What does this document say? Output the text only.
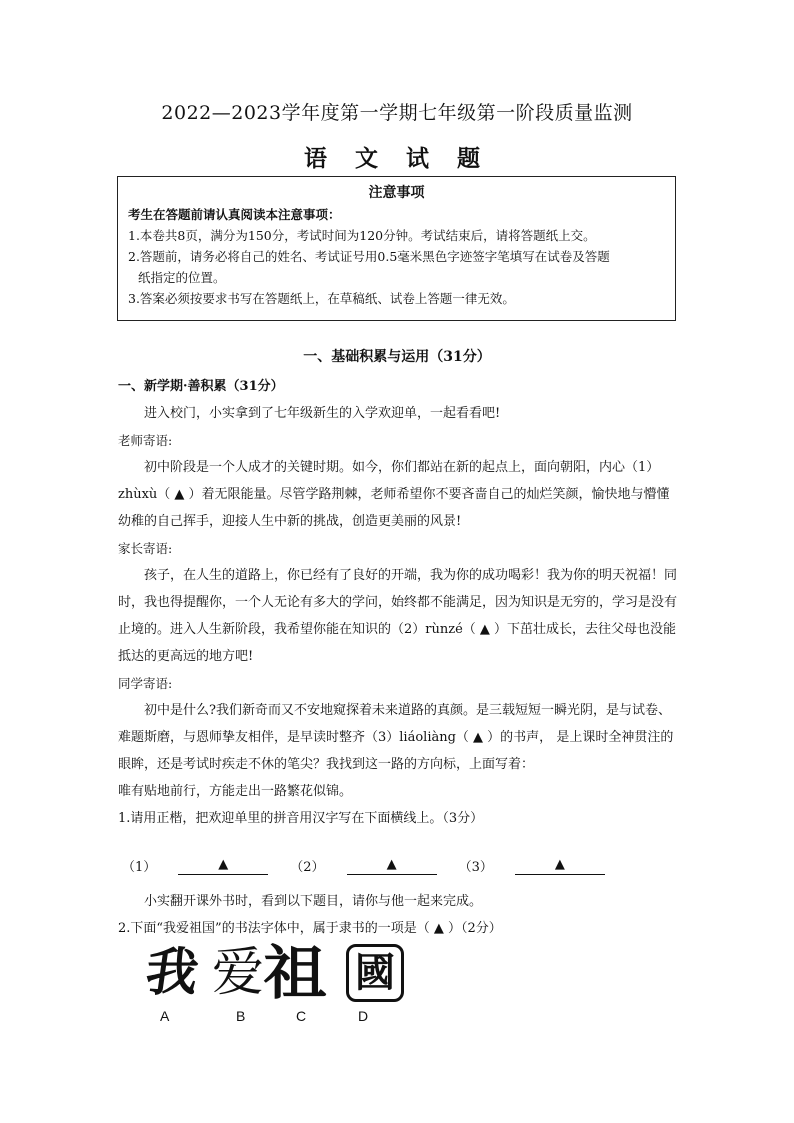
2022—2023学年度第一学期七年级第一阶段质量监测
语 文 试 题
注意事项
考生在答题前请认真阅读本注意事项：
1.本卷共8页，满分为150分，考试时间为120分钟。考试结束后，请将答题纸上交。
2.答题前，请务必将自己的姓名、考试证号用0.5毫米黑色字迹签字笔填写在试卷及答题
纸指定的位置。
3.答案必须按要求书写在答题纸上，在草稿纸、试卷上答题一律无效。
一、基础积累与运用（31分）
一、新学期·善积累（31分）
进入校门，小实拿到了七年级新生的入学欢迎单，一起看看吧!
老师寄语:
初中阶段是一个人成才的关键时期。如今，你们都站在新的起点上，面向朝阳，内心（1） zhùxù（ ▲ ）着无限能量。尽管学路荆棘，老师希望你不要吝啬自己的灿烂笑颜，愉快地与懵懂幼稚的自己挥手，迎接人生中新的挑战，创造更美丽的风景!
家长寄语:
孩子，在人生的道路上，你已经有了良好的开端，我为你的成功喝彩！我为你的明天祝福！同时，我也得提醒你，一个人无论有多大的学问，始终都不能满足，因为知识是无穷的，学习是没有止境的。进入人生新阶段，我希望你能在知识的（2）rùnzé（ ▲ ）下茁壮成长，去往父母也没能抵达的更高远的地方吧!
同学寄语:
初中是什么?我们新奇而又不安地窥探着未来道路的真颜。是三载短短一瞬光阴，是与试卷、难题斯磨，与恩师挚友相伴，是早读时整齐（3）liáoliàng（ ▲ ）的书声， 是上课时全神贯注的眼眸，还是考试时疾走不休的笔尖？我找到这一路的方向标，上面写着：
唯有贴地前行，方能走出一路繁花似锦。
1.请用正楷，把欢迎单里的拼音用汉字写在下面横线上。（3分）
（1）	▲	（2）	▲	（3）	▲
小实翻开课外书时，看到以下题目，请你与他一起来完成。
2.下面“我爱祖国”的书法字体中，属于隶书的一项是（ ▲ ）（2分）
我 爱 祖 國
A	B	C	D
